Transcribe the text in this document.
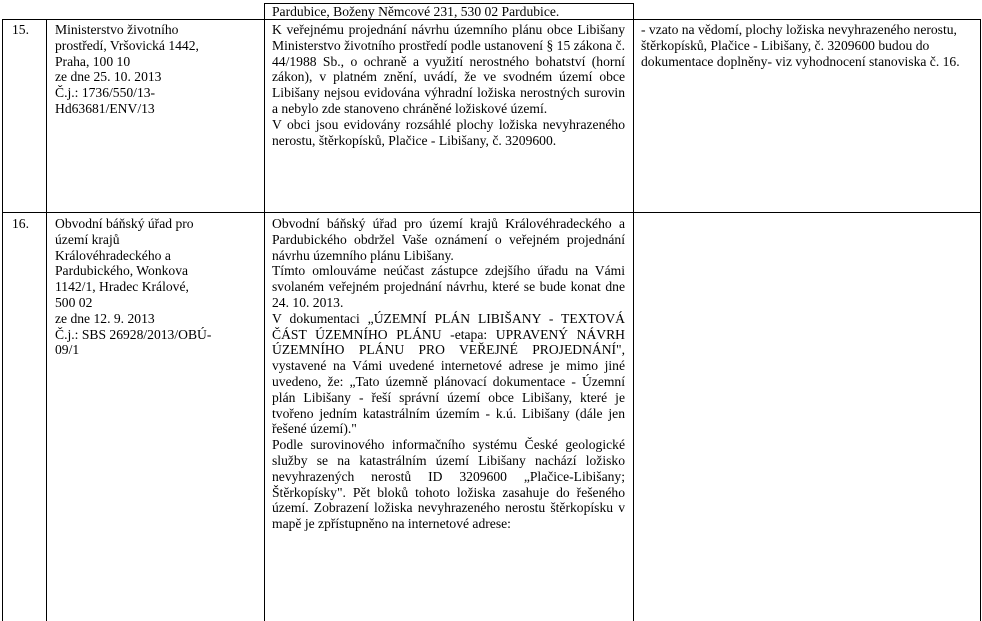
Pardubice, Boženy Němcové 231, 530 02 Pardubice.
15. Ministerstvo životního
prostředí, Vršovická 1442,
Praha, 100 10
ze dne 25. 10. 2013
Č.j.: 1736/550/13-
Hd63681/ENV/13

K veřejnému projednání návrhu územního plánu obce Libišany Ministerstvo životního prostředí podle ustanovení § 15 zákona č. 44/1988 Sb., o ochraně a využití nerostného bohatství (horní zákon), v platném znění, uvádí, že ve svodném území obce Libišany nejsou evidována výhradní ložiska nerostných surovin a nebylo zde stanoveno chráněné ložiskové území.

V obci jsou evidovány rozsáhlé plochy ložiska nevyhrazeného nerostu, štěrkopísků, Plačice - Libišany, č. 3209600.

- vzato na vědomí, plochy ložiska nevyhrazeného nerostu, štěrkopísků, Plačice - Libišany, č. 3209600 budou do dokumentace doplněny- viz vyhodnocení stanoviska č. 16.
16. Obvodní báňský úřad pro
území krajů
Královéhradeckého a
Pardubického, Wonkova
1142/1, Hradec Králové,
500 02
ze dne 12. 9. 2013
Č.j.: SBS 26928/2013/OBÚ-
09/1

Obvodní báňský úřad pro území krajů Královéhradeckého a Pardubického obdržel Vaše oznámení o veřejném projednání návrhu územního plánu Libišany.

Tímto omlouváme neúčast zástupce zdejšího úřadu na Vámi svolaném veřejném projednání návrhu, které se bude konat dne 24. 10. 2013.

V dokumentaci „ÚZEMNÍ PLÁN LIBIŠANY - TEXTOVÁ ČÁST ÚZEMNÍHO PLÁNU -etapa: UPRAVENÝ NÁVRH ÚZEMNÍHO PLÁNU PRO VEŘEJNÉ PROJEDNÁNÍ", vystavené na Vámi uvedené internetové adrese je mimo jiné uvedeno, že: „Tato územně plánovací dokumentace - Územní plán Libišany - řeší správní území obce Libišany, které je tvořeno jedním katastrálním územím - k.ú. Libišany (dále jen řešené území)."

Podle surovinového informačního systému České geologické služby se na katastrálním území Libišany nachází ložisko nevyhrazených nerostů ID 3209600 „Plačice-Libišany; Štěrkopísky". Pět bloků tohoto ložiska zasahuje do řešeného území. Zobrazení ložiska nevyhrazeného nerostu štěrkopísku v mapě je zpřístupněno na internetové adrese:
